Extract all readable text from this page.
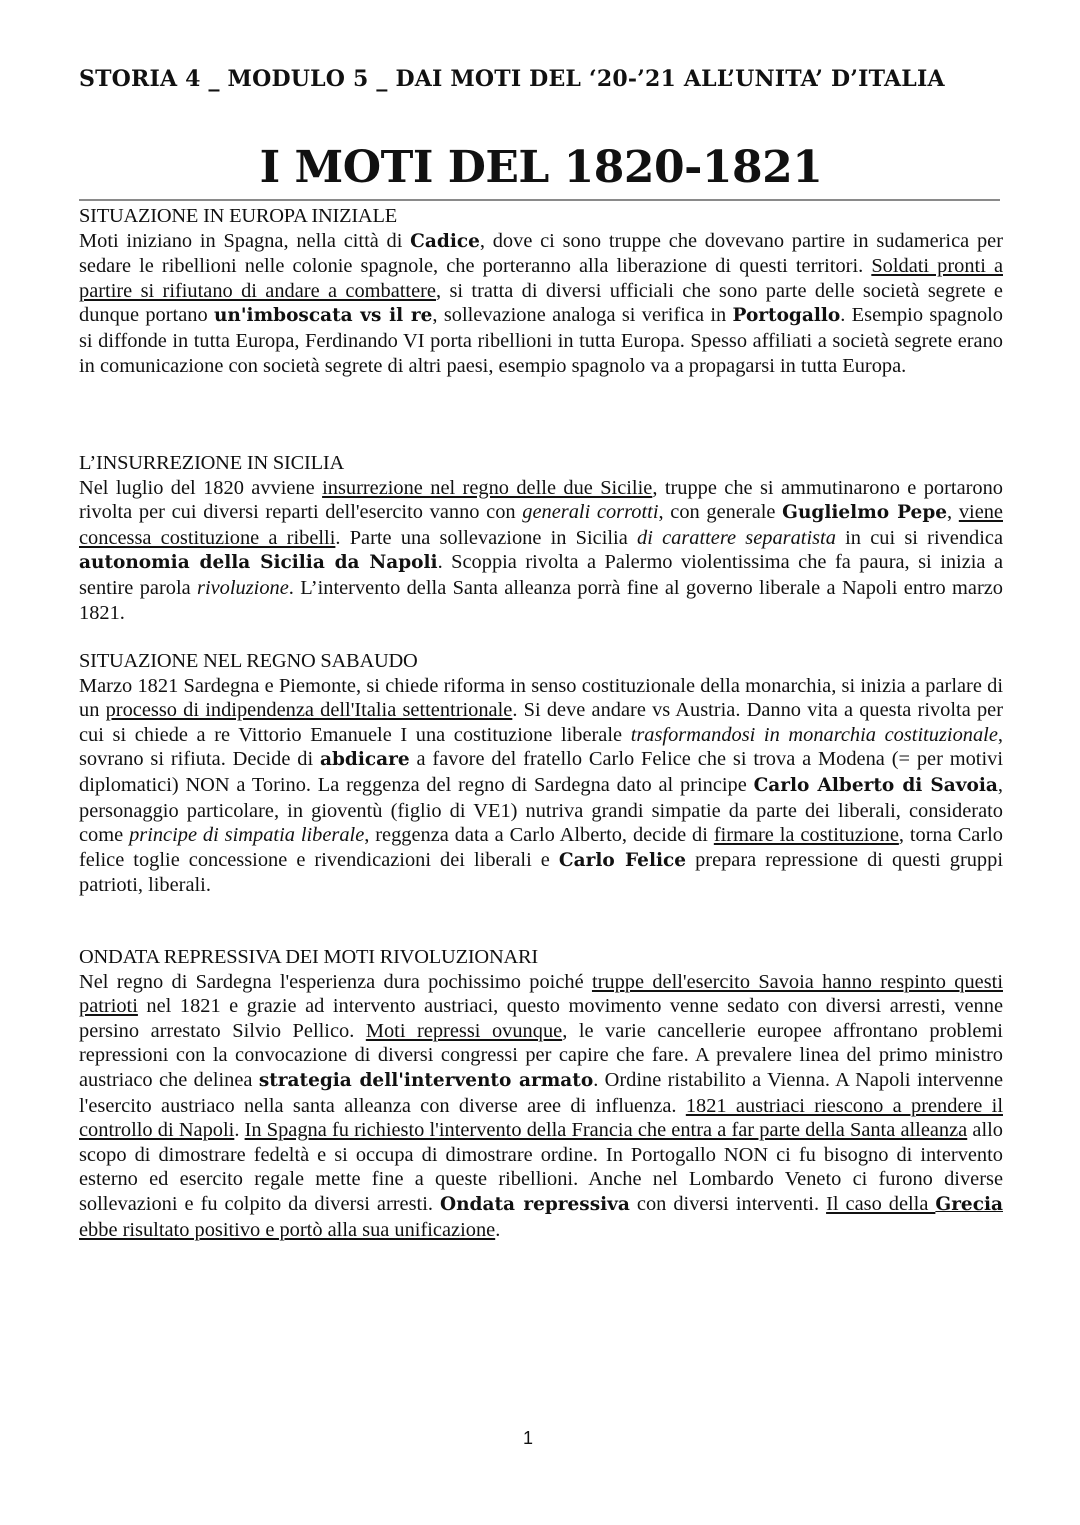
STORIA 4 _ MODULO 5 _ DAI MOTI DEL ‘20-’21 ALL’UNITA’ D’ITALIA
I MOTI DEL 1820-1821
SITUAZIONE IN EUROPA INIZIALE

Moti iniziano in Spagna, nella città di Cadice, dove ci sono truppe che dovevano partire in sudamerica per sedare le ribellioni nelle colonie spagnole, che porteranno alla liberazione di questi territori. Soldati pronti a partire si rifiutano di andare a combattere, si tratta di diversi ufficiali che sono parte delle società segrete e dunque portano un'imboscata vs il re, sollevazione analoga si verifica in Portogallo. Esempio spagnolo si diffonde in tutta Europa, Ferdinando VI porta ribellioni in tutta Europa. Spesso affiliati a società segrete erano in comunicazione con società segrete di altri paesi, esempio spagnolo va a propagarsi in tutta Europa.

L’INSURREZIONE IN SICILIA

Nel luglio del 1820 avviene insurrezione nel regno delle due Sicilie, truppe che si ammutinarono e portarono rivolta per cui diversi reparti dell'esercito vanno con generali corrotti, con generale Guglielmo Pepe, viene concessa costituzione a ribelli. Parte una sollevazione in Sicilia di carattere separatista in cui si rivendica autonomia della Sicilia da Napoli. Scoppia rivolta a Palermo violentissima che fa paura, si inizia a sentire parola rivoluzione. L’intervento della Santa alleanza porrà fine al governo liberale a Napoli entro marzo 1821.

SITUAZIONE NEL REGNO SABAUDO

Marzo 1821 Sardegna e Piemonte, si chiede riforma in senso costituzionale della monarchia, si inizia a parlare di un processo di indipendenza dell'Italia settentrionale. Si deve andare vs Austria. Danno vita a questa rivolta per cui si chiede a re Vittorio Emanuele I una costituzione liberale trasformandosi in monarchia costituzionale, sovrano si rifiuta. Decide di abdicare a favore del fratello Carlo Felice che si trova a Modena (= per motivi diplomatici) NON a Torino. La reggenza del regno di Sardegna dato al principe Carlo Alberto di Savoia, personaggio particolare, in gioventù (figlio di VE1) nutriva grandi simpatie da parte dei liberali, considerato come principe di simpatia liberale, reggenza data a Carlo Alberto, decide di firmare la costituzione, torna Carlo felice toglie concessione e rivendicazioni dei liberali e Carlo Felice prepara repressione di questi gruppi patrioti, liberali.

ONDATA REPRESSIVA DEI MOTI RIVOLUZIONARI

Nel regno di Sardegna l'esperienza dura pochissimo poiché truppe dell'esercito Savoia hanno respinto questi patrioti nel 1821 e grazie ad intervento austriaci, questo movimento venne sedato con diversi arresti, venne persino arrestato Silvio Pellico. Moti repressi ovunque, le varie cancellerie europee affrontano problemi repressioni con la convocazione di diversi congressi per capire che fare. A prevalere linea del primo ministro austriaco che delinea strategia dell'intervento armato. Ordine ristabilito a Vienna. A Napoli intervenne l'esercito austriaco nella santa alleanza con diverse aree di influenza. 1821 austriaci riescono a prendere il controllo di Napoli. In Spagna fu richiesto l'intervento della Francia che entra a far parte della Santa alleanza allo scopo di dimostrare fedeltà e si occupa di dimostrare ordine. In Portogallo NON ci fu bisogno di intervento esterno ed esercito regale mette fine a queste ribellioni. Anche nel Lombardo Veneto ci furono diverse sollevazioni e fu colpito da diversi arresti. Ondata repressiva con diversi interventi. Il caso della Grecia ebbe risultato positivo e portò alla sua unificazione.

1
